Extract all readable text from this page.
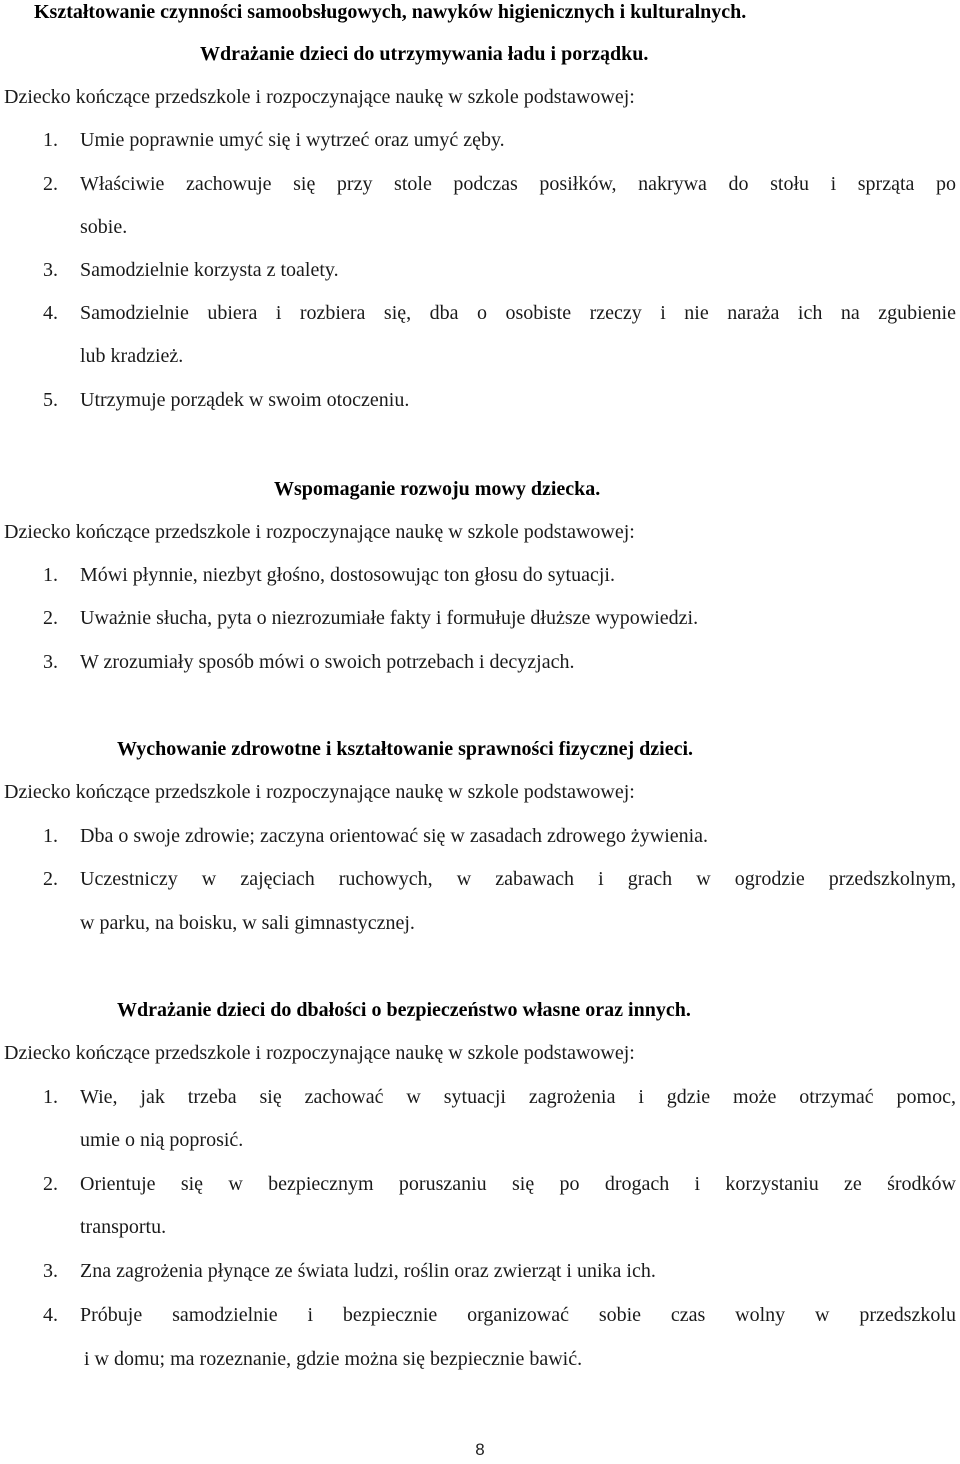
Kształtowanie czynności samoobsługowych, nawyków higienicznych i kulturalnych.
Wdrażanie dzieci do utrzymywania ładu i porządku.
Dziecko kończące przedszkole i rozpoczynające naukę w szkole podstawowej:
1. Umie poprawnie umyć się i wytrzeć oraz umyć zęby.
2. Właściwie zachowuje się przy stole podczas posiłków, nakrywa do stołu i sprząta po
sobie.
3. Samodzielnie korzysta z toalety.
4. Samodzielnie ubiera i rozbiera się, dba o osobiste rzeczy i nie naraża ich na zgubienie
lub kradzież.
5. Utrzymuje porządek w swoim otoczeniu.
Wspomaganie rozwoju mowy dziecka.
Dziecko kończące przedszkole i rozpoczynające naukę w szkole podstawowej:
1. Mówi płynnie, niezbyt głośno, dostosowując ton głosu do sytuacji.
2. Uważnie słucha, pyta o niezrozumiałe fakty i formułuje dłuższe wypowiedzi.
3. W zrozumiały sposób mówi o swoich potrzebach i decyzjach.
Wychowanie zdrowotne i kształtowanie sprawności fizycznej dzieci.
Dziecko kończące przedszkole i rozpoczynające naukę w szkole podstawowej:
1. Dba o swoje zdrowie; zaczyna orientować się w zasadach zdrowego żywienia.
2. Uczestniczy w zajęciach ruchowych, w zabawach i grach w ogrodzie przedszkolnym,
w parku, na boisku, w sali gimnastycznej.
Wdrażanie dzieci do dbałości o bezpieczeństwo własne oraz innych.
Dziecko kończące przedszkole i rozpoczynające naukę w szkole podstawowej:
1. Wie, jak trzeba się zachować w sytuacji zagrożenia i gdzie może otrzymać pomoc,
umie o nią poprosić.
2. Orientuje się w bezpiecznym poruszaniu się po drogach i korzystaniu ze środków
transportu.
3. Zna zagrożenia płynące ze świata ludzi, roślin oraz zwierząt i unika ich.
4. Próbuje samodzielnie i bezpiecznie organizować sobie czas wolny w przedszkolu
i w domu; ma rozeznanie, gdzie można się bezpiecznie bawić.
8
